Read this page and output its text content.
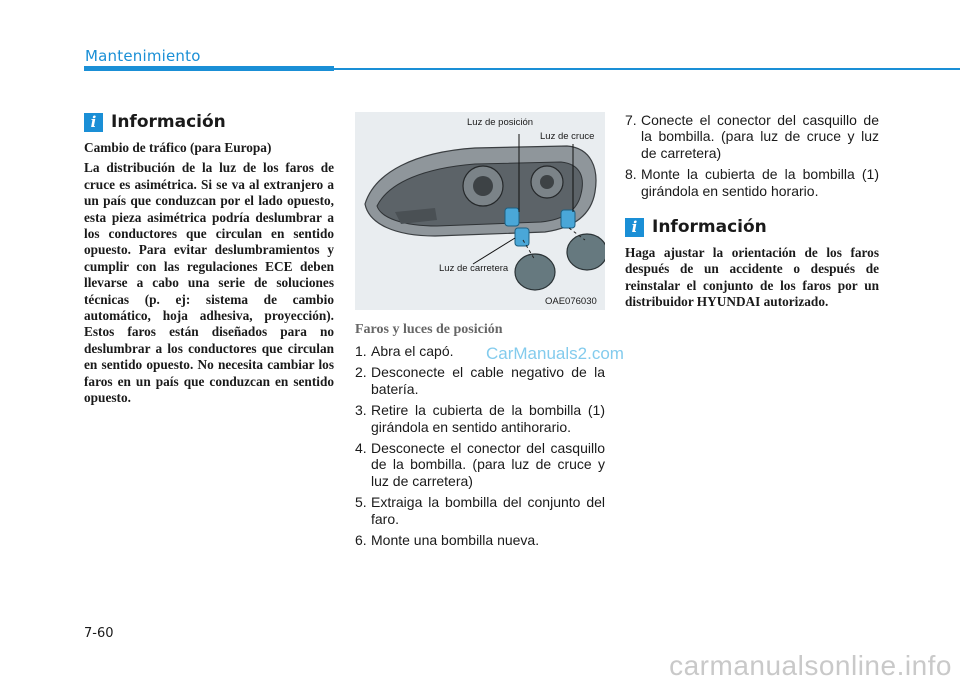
Mantenimiento
i Información

Cambio de tráfico (para Europa)

La distribución de la luz de los faros de cruce es asimétrica. Si se va al extranjero a un país que conduzcan por el lado opuesto, esta pieza asimétrica podría deslumbrar a los conductores que circulan en sentido opuesto. Para evitar deslumbramientos y cumplir con las regulaciones ECE deben llevarse a cabo una serie de soluciones técnicas (p. ej: sistema de cambio automático, hoja adhesiva, proyección). Estos faros están diseñados para no deslumbrar a los conductores que circulan en sentido opuesto. No necesita cambiar los faros en un país que conduzcan en sentido opuesto.

Luz de posición
Luz de cruce
Luz de carretera
OAE076030
Faros y luces de posición
1. Abra el capó.
2. Desconecte el cable negativo de la batería.
3. Retire la cubierta de la bombilla (1) girándola en sentido antihorario.
4. Desconecte el conector del casquillo de la bombilla. (para luz de cruce y luz de carretera)
5. Extraiga la bombilla del conjunto del faro.
6. Monte una bombilla nueva.
7. Conecte el conector del casquillo de la bombilla. (para luz de cruce y luz de carretera)
8. Monte la cubierta de la bombilla (1) girándola en sentido horario.
i Información

Haga ajustar la orientación de los faros después de un accidente o después de reinstalar el conjunto de los faros por un distribuidor HYUNDAI autorizado.

CarManuals2.com
7-60
carmanualsonline.info
